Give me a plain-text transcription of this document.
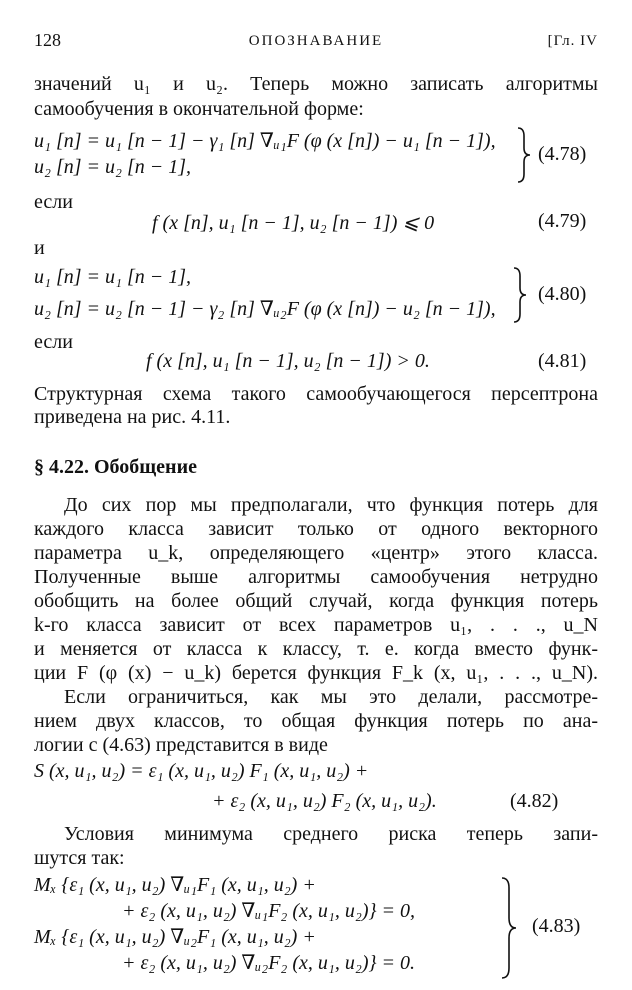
128	ОПОЗНАВАНИЕ	[Гл. IV
значений u₁ и u₂. Теперь можно записать алгоритмы
самообучения в окончательной форме:
u₁ [n] = u₁ [n − 1] − γ₁ [n] ∇ᵤ₁F (φ (x [n]) − u₁ [n − 1]),
u₂ [n] = u₂ [n − 1],
(4.78)
если
f (x [n], u₁ [n − 1], u₂ [n − 1]) ⩽ 0	(4.79)
и
u₁ [n] = u₁ [n − 1],
u₂ [n] = u₂ [n − 1] − γ₂ [n] ∇ᵤ₂F (φ (x [n]) − u₂ [n − 1]),
(4.80)
если
f (x [n], u₁ [n − 1], u₂ [n − 1]) > 0.	(4.81)
Структурная схема такого самообучающегося персептрона
приведена на рис. 4.11.
§ 4.22. Обобщение
До сих пор мы предполагали, что функция потерь для
каждого класса зависит только от одного векторного
параметра u_k, определяющего «центр» этого класса.
Полученные выше алгоритмы самообучения нетрудно
обобщить на более общий случай, когда функция потерь
k-го класса зависит от всех параметров u₁, . . ., u_N
и меняется от класса к классу, т. е. когда вместо функ-
ции F (φ (x) − u_k) берется функция F_k (x, u₁, . . ., u_N).
Если ограничиться, как мы это делали, рассмотре-
нием двух классов, то общая функция потерь по ана-
логии с (4.63) представится в виде
S (x, u₁, u₂) = ε₁ (x, u₁, u₂) F₁ (x, u₁, u₂) +
+ ε₂ (x, u₁, u₂) F₂ (x, u₁, u₂).	(4.82)
Условия минимума среднего риска теперь запи-
шутся так:
Mₓ {ε₁ (x, u₁, u₂) ∇ᵤ₁F₁ (x, u₁, u₂) +
+ ε₂ (x, u₁, u₂) ∇ᵤ₁F₂ (x, u₁, u₂)} = 0,
Mₓ {ε₁ (x, u₁, u₂) ∇ᵤ₂F₁ (x, u₁, u₂) +
+ ε₂ (x, u₁, u₂) ∇ᵤ₂F₂ (x, u₁, u₂)} = 0.
(4.83)
